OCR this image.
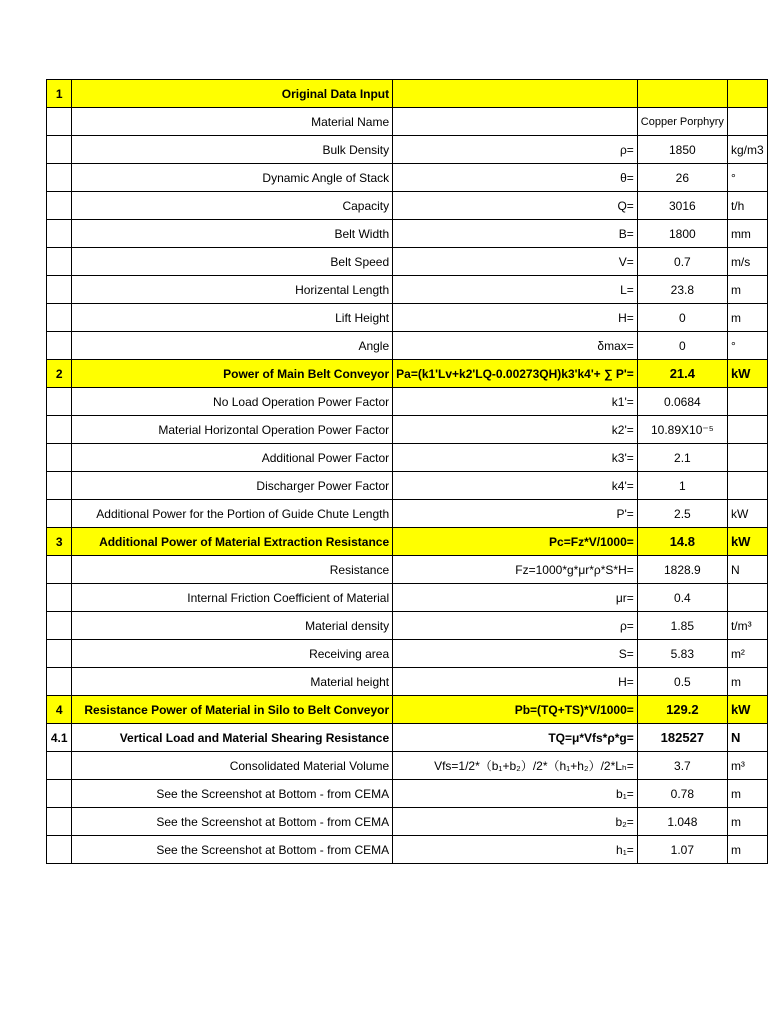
1	Original Data Input			
	Material Name		Copper Porphyry	
	Bulk Density	ρ=	1850	kg/m3
	Dynamic Angle of Stack	θ=	26	°
	Capacity	Q=	3016	t/h
	Belt Width	B=	1800	mm
	Belt Speed	V=	0.7	m/s
	Horizental Length	L=	23.8	m
	Lift Height	H=	0	m
	Angle	δmax=	0	°
2	Power of Main Belt Conveyor	Pa=(k1'Lv+k2'LQ-0.00273QH)k3'k4'+ ∑ P'=	21.4	kW
	No Load Operation Power Factor	k1'=	0.0684	
	Material Horizontal Operation Power Factor	k2'=	10.89X10⁻⁵	
	Additional Power Factor	k3'=	2.1	
	Discharger Power Factor	k4'=	1	
	Additional Power for the Portion of Guide Chute Length	P'=	2.5	kW
3	Additional Power of Material Extraction Resistance	Pc=Fz*V/1000=	14.8	kW
	Resistance	Fz=1000*g*μr*ρ*S*H=	1828.9	N
	Internal Friction Coefficient of Material	μr=	0.4	
	Material density	ρ=	1.85	t/m³
	Receiving area	S=	5.83	m²
	Material height	H=	0.5	m
4	Resistance Power of Material in Silo to Belt Conveyor	Pb=(TQ+TS)*V/1000=	129.2	kW
4.1	Vertical Load and Material Shearing Resistance	TQ=μ*Vfs*ρ*g=	182527	N
	Consolidated Material Volume	Vfs=1/2*（b₁+b₂）/2*（h₁+h₂）/2*Lₕ=	3.7	m³
	See the Screenshot at Bottom - from CEMA	b₁=	0.78	m
	See the Screenshot at Bottom - from CEMA	b₂=	1.048	m
	See the Screenshot at Bottom - from CEMA	h₁=	1.07	m
